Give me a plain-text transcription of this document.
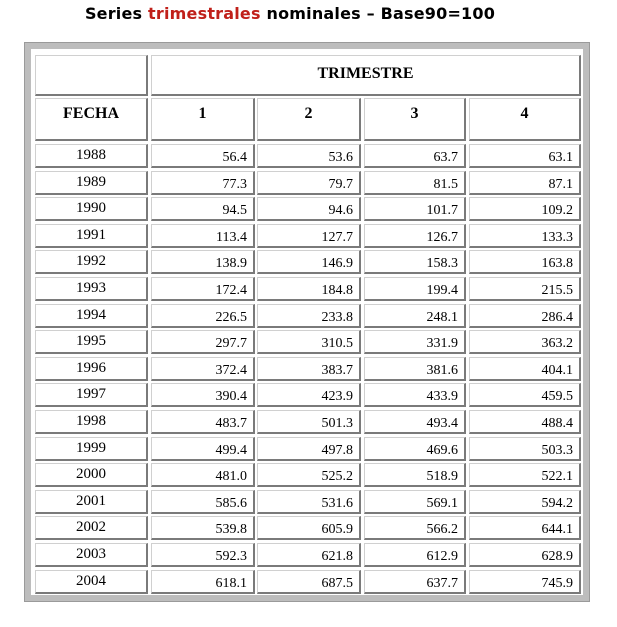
Series trimestrales nominales – Base90=100
TRIMESTRE
FECHA	1	2	3	4
1988	56.4	53.6	63.7	63.1
1989	77.3	79.7	81.5	87.1
1990	94.5	94.6	101.7	109.2
1991	113.4	127.7	126.7	133.3
1992	138.9	146.9	158.3	163.8
1993	172.4	184.8	199.4	215.5
1994	226.5	233.8	248.1	286.4
1995	297.7	310.5	331.9	363.2
1996	372.4	383.7	381.6	404.1
1997	390.4	423.9	433.9	459.5
1998	483.7	501.3	493.4	488.4
1999	499.4	497.8	469.6	503.3
2000	481.0	525.2	518.9	522.1
2001	585.6	531.6	569.1	594.2
2002	539.8	605.9	566.2	644.1
2003	592.3	621.8	612.9	628.9
2004	618.1	687.5	637.7	745.9
